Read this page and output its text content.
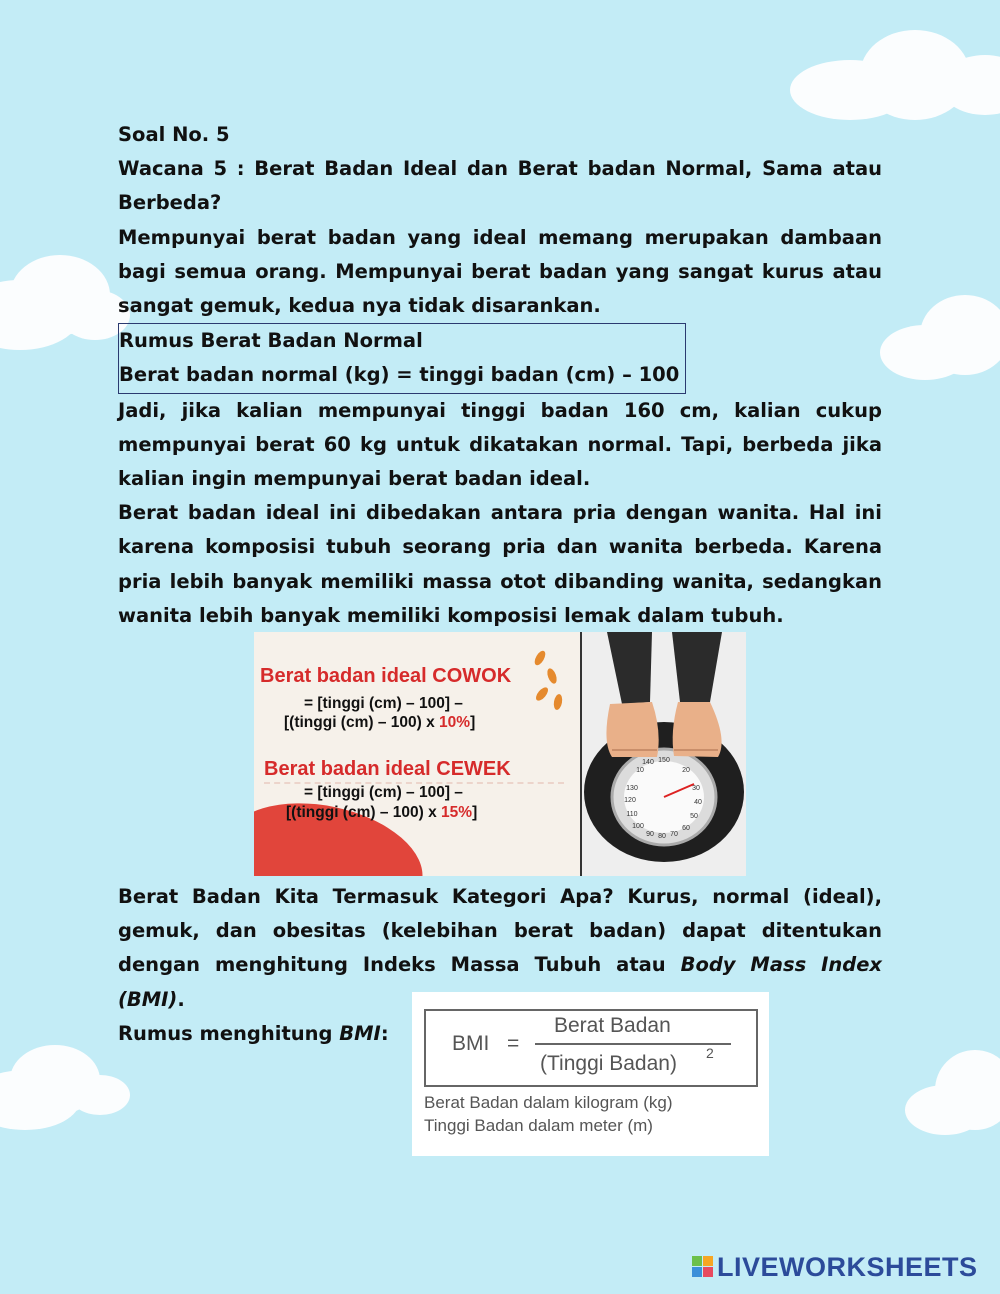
Soal No. 5

Wacana 5 : Berat Badan Ideal dan Berat badan Normal, Sama atau Berbeda?

Mempunyai berat badan yang ideal memang merupakan dambaan bagi semua orang. Mempunyai berat badan yang sangat kurus atau sangat gemuk, kedua nya tidak disarankan.

Rumus Berat Badan Normal
Berat badan normal (kg) = tinggi badan (cm) – 100

Jadi, jika kalian mempunyai tinggi badan 160 cm, kalian cukup mempunyai berat 60 kg untuk dikatakan normal. Tapi, berbeda jika kalian ingin mempunyai berat badan ideal.

Berat badan ideal ini dibedakan antara pria dengan wanita. Hal ini karena komposisi tubuh seorang pria dan wanita berbeda. Karena pria lebih banyak memiliki massa otot dibanding wanita, sedangkan wanita lebih banyak memiliki komposisi lemak dalam tubuh.

Berat badan ideal COWOK
= [tinggi (cm) – 100] –
[(tinggi (cm) – 100) x 10%]
Berat badan ideal CEWEK
= [tinggi (cm) – 100] –
[(tinggi (cm) – 100) x 15%]
10	20
30
40
50
60
70
80
90
100
110
120
130
140 150

Berat Badan Kita Termasuk Kategori Apa? Kurus, normal (ideal), gemuk, dan obesitas (kelebihan berat badan) dapat ditentukan dengan menghitung Indeks Massa Tubuh atau Body Mass Index (BMI).

Rumus menghitung BMI:	BMI =
Berat Badan
(Tinggi Badan) 2
Berat Badan dalam kilogram (kg)
Tinggi Badan dalam meter (m)
LIVEWORKSHEETS
